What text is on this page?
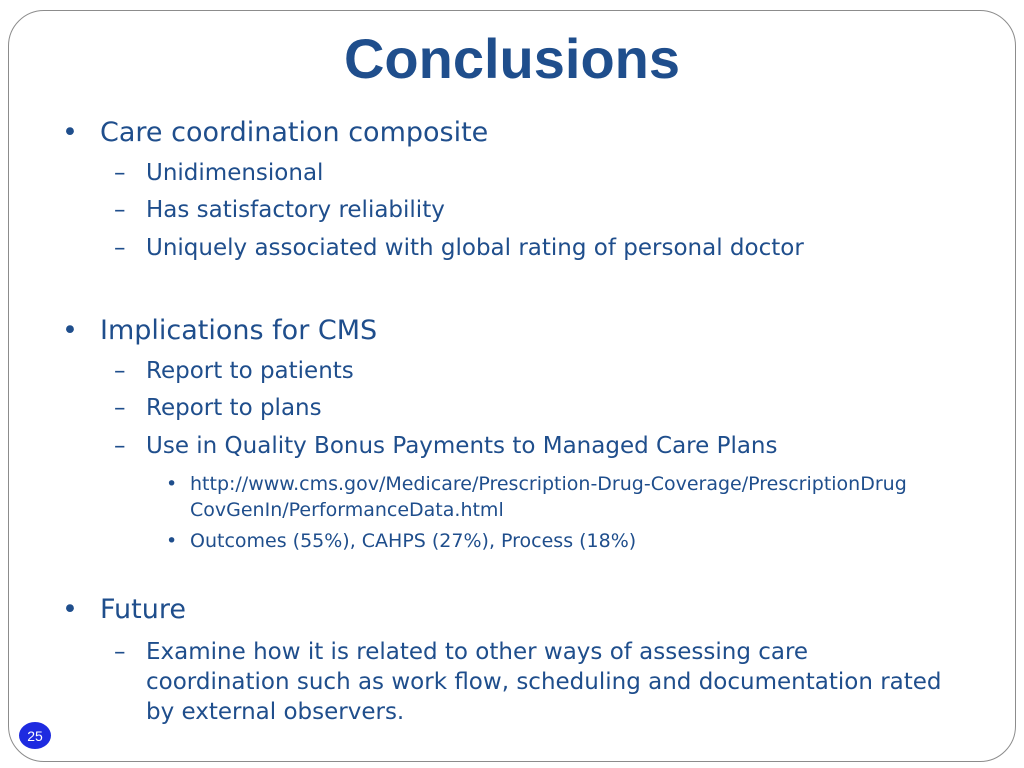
Conclusions
• Care coordination composite
– Unidimensional
– Has satisfactory reliability
– Uniquely associated with global rating of personal doctor
• Implications for CMS
– Report to patients
– Report to plans
– Use in Quality Bonus Payments to Managed Care Plans
• http://www.cms.gov/Medicare/Prescription-Drug-Coverage/PrescriptionDrugCovGenIn/PerformanceData.html
• Outcomes (55%), CAHPS (27%), Process (18%)
• Future
– Examine how it is related to other ways of assessing care coordination such as work flow, scheduling and documentation rated by external observers.
25
